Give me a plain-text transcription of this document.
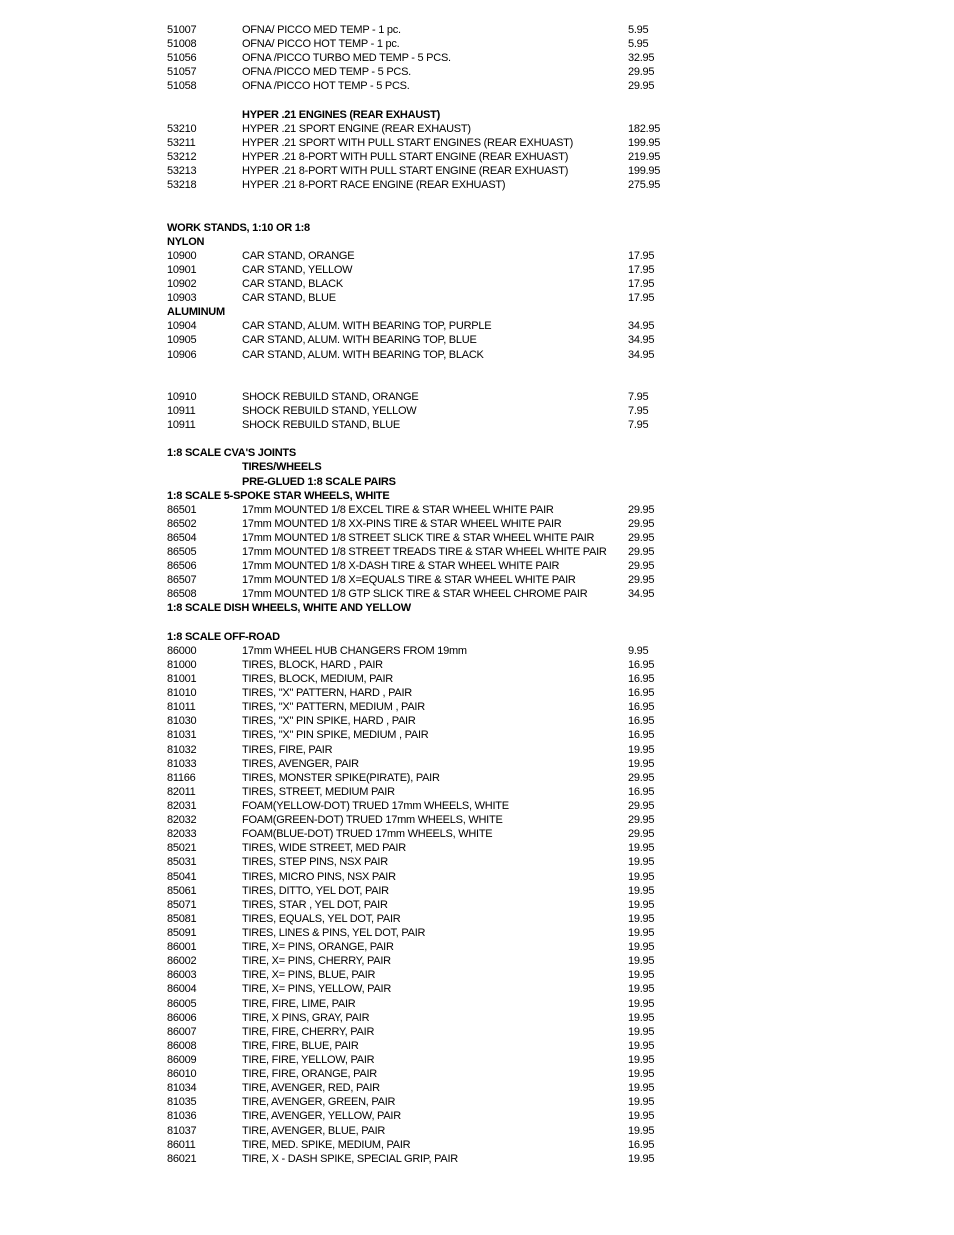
51007	OFNA/ PICCO MED TEMP - 1 pc.	5.95
51008	OFNA/ PICCO HOT TEMP - 1 pc.	5.95
51056	OFNA /PICCO TURBO MED TEMP - 5 PCS.	32.95
51057	OFNA /PICCO MED TEMP - 5 PCS.	29.95
51058	OFNA /PICCO HOT TEMP - 5 PCS.	29.95
HYPER .21 ENGINES (REAR EXHAUST)
53210	HYPER .21 SPORT ENGINE (REAR EXHAUST)	182.95
53211	HYPER .21 SPORT WITH PULL START ENGINES (REAR EXHUAST)	199.95
53212	HYPER .21 8-PORT WITH PULL START ENGINE (REAR EXHUAST)	219.95
53213	HYPER .21 8-PORT WITH PULL START ENGINE (REAR EXHUAST)	199.95
53218	HYPER .21 8-PORT RACE ENGINE (REAR EXHUAST)	275.95
WORK STANDS, 1:10 OR 1:8
NYLON
10900	CAR STAND, ORANGE	17.95
10901	CAR STAND, YELLOW	17.95
10902	CAR STAND, BLACK	17.95
10903	CAR STAND, BLUE	17.95
ALUMINUM
10904	CAR STAND, ALUM. WITH BEARING TOP, PURPLE	34.95
10905	CAR STAND, ALUM. WITH BEARING TOP, BLUE	34.95
10906	CAR STAND, ALUM. WITH BEARING TOP, BLACK	34.95
10910	SHOCK REBUILD STAND, ORANGE	7.95
10911	SHOCK REBUILD STAND, YELLOW	7.95
10911	SHOCK REBUILD STAND, BLUE	7.95
1:8 SCALE CVA'S JOINTS
TIRES/WHEELS
PRE-GLUED 1:8 SCALE PAIRS
1:8 SCALE 5-SPOKE STAR WHEELS, WHITE
86501	17mm MOUNTED 1/8 EXCEL TIRE & STAR WHEEL WHITE PAIR	29.95
86502	17mm MOUNTED 1/8 XX-PINS TIRE & STAR WHEEL WHITE PAIR	29.95
86504	17mm MOUNTED 1/8 STREET SLICK TIRE & STAR WHEEL WHITE PAIR	29.95
86505	17mm MOUNTED 1/8 STREET TREADS TIRE & STAR WHEEL WHITE PAIR 29.95
86506	17mm MOUNTED 1/8 X-DASH TIRE & STAR WHEEL WHITE PAIR	29.95
86507	17mm MOUNTED 1/8 X=EQUALS TIRE & STAR WHEEL WHITE PAIR	29.95
86508	17mm MOUNTED 1/8 GTP SLICK TIRE & STAR WHEEL CHROME PAIR	34.95
1:8 SCALE DISH WHEELS, WHITE AND YELLOW
1:8 SCALE OFF-ROAD
86000	17mm WHEEL HUB CHANGERS FROM 19mm	9.95
81000	TIRES, BLOCK, HARD , PAIR	16.95
81001	TIRES, BLOCK, MEDIUM, PAIR	16.95
81010	TIRES, "X" PATTERN, HARD , PAIR	16.95
81011	TIRES, "X" PATTERN, MEDIUM , PAIR	16.95
81030	TIRES, "X" PIN SPIKE, HARD , PAIR	16.95
81031	TIRES, "X" PIN SPIKE, MEDIUM , PAIR	16.95
81032	TIRES, FIRE, PAIR	19.95
81033	TIRES, AVENGER, PAIR	19.95
81166	TIRES, MONSTER SPIKE(PIRATE), PAIR	29.95
82011	TIRES, STREET, MEDIUM PAIR	16.95
82031	FOAM(YELLOW-DOT) TRUED 17mm WHEELS, WHITE	29.95
82032	FOAM(GREEN-DOT) TRUED 17mm WHEELS, WHITE	29.95
82033	FOAM(BLUE-DOT) TRUED 17mm WHEELS, WHITE	29.95
85021	TIRES, WIDE STREET, MED PAIR	19.95
85031	TIRES, STEP PINS, NSX PAIR	19.95
85041	TIRES, MICRO PINS, NSX PAIR	19.95
85061	TIRES, DITTO, YEL DOT, PAIR	19.95
85071	TIRES, STAR , YEL DOT, PAIR	19.95
85081	TIRES, EQUALS, YEL DOT, PAIR	19.95
85091	TIRES, LINES & PINS, YEL DOT, PAIR	19.95
86001	TIRE, X= PINS, ORANGE, PAIR	19.95
86002	TIRE, X= PINS, CHERRY, PAIR	19.95
86003	TIRE, X= PINS, BLUE, PAIR	19.95
86004	TIRE, X= PINS, YELLOW, PAIR	19.95
86005	TIRE, FIRE, LIME, PAIR	19.95
86006	TIRE, X PINS, GRAY, PAIR	19.95
86007	TIRE, FIRE, CHERRY, PAIR	19.95
86008	TIRE, FIRE, BLUE, PAIR	19.95
86009	TIRE, FIRE, YELLOW, PAIR	19.95
86010	TIRE, FIRE, ORANGE, PAIR	19.95
81034	TIRE, AVENGER, RED, PAIR	19.95
81035	TIRE, AVENGER, GREEN, PAIR	19.95
81036	TIRE, AVENGER, YELLOW, PAIR	19.95
81037	TIRE, AVENGER, BLUE, PAIR	19.95
86011	TIRE, MED. SPIKE, MEDIUM, PAIR	16.95
86021	TIRE, X - DASH SPIKE, SPECIAL GRIP, PAIR	19.95
